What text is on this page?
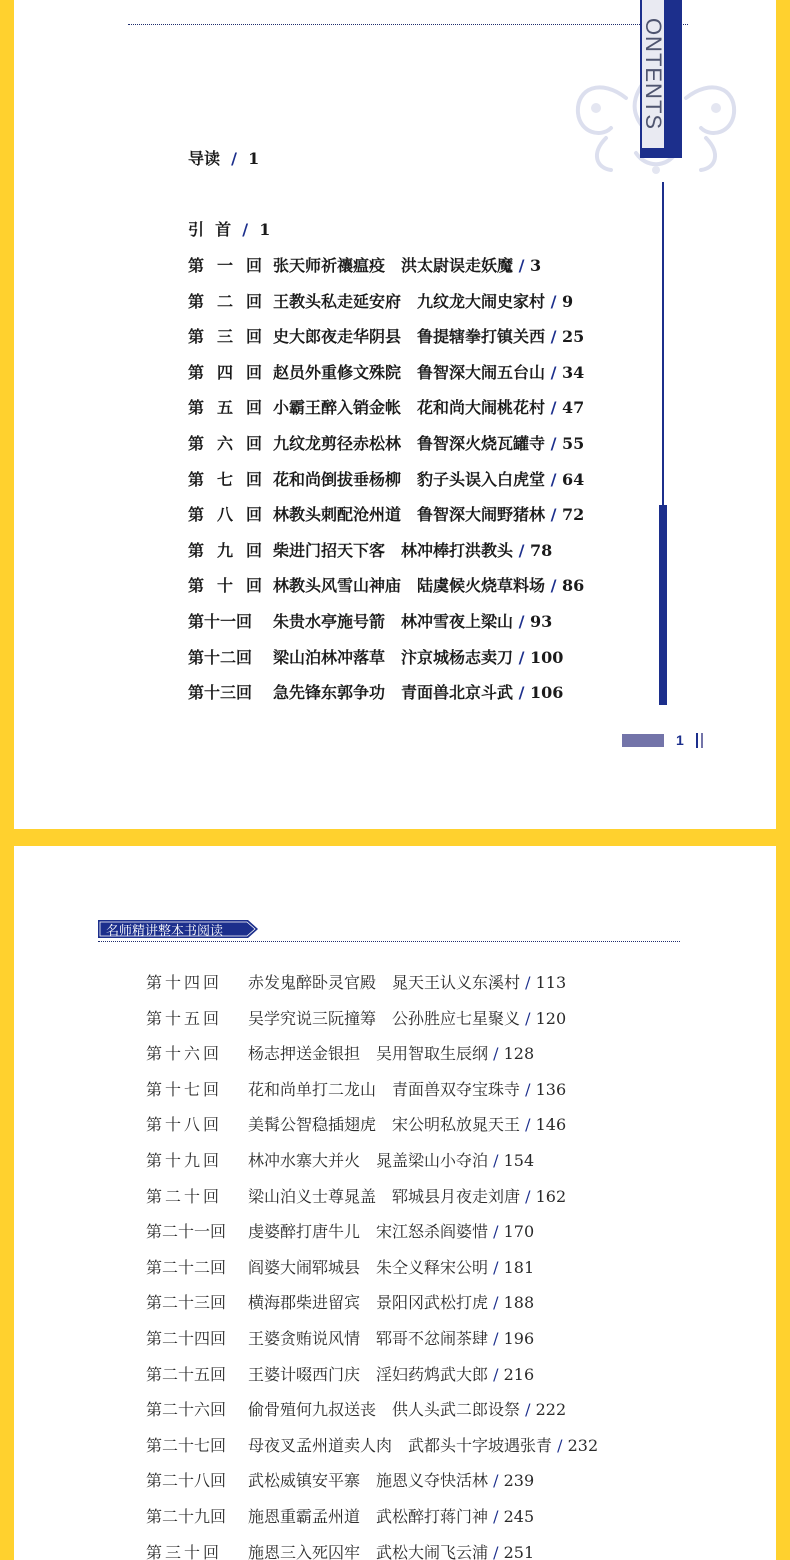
ONTENTS
导读  /  1
引  首  /  1
1
第 一 回 张天师祈禳瘟疫　洪太尉误走妖魔 / 3
第 二 回 王教头私走延安府　九纹龙大闹史家村 / 9
第 三 回 史大郎夜走华阴县　鲁提辖拳打镇关西 / 25
第 四 回 赵员外重修文殊院　鲁智深大闹五台山 / 34
第 五 回 小霸王醉入销金帐　花和尚大闹桃花村 / 47
第 六 回 九纹龙剪径赤松林　鲁智深火烧瓦罐寺 / 55
第 七 回 花和尚倒拔垂杨柳　豹子头误入白虎堂 / 64
第 八 回 林教头刺配沧州道　鲁智深大闹野猪林 / 72
第 九 回 柴进门招天下客　林冲棒打洪教头 / 78
第 十 回 林教头风雪山神庙　陆虞候火烧草料场 / 86
第十一回 朱贵水亭施号箭　林冲雪夜上梁山 / 93
第十二回 梁山泊林冲落草　汴京城杨志卖刀 / 100
第十三回 急先锋东郭争功　青面兽北京斗武 / 106
名师精讲整本书阅读
第 十 四 回 赤发鬼醉卧灵官殿　晁天王认义东溪村 / 113
第 十 五 回 吴学究说三阮撞筹　公孙胜应七星聚义 / 120
第 十 六 回 杨志押送金银担　吴用智取生辰纲 / 128
第 十 七 回 花和尚单打二龙山　青面兽双夺宝珠寺 / 136
第 十 八 回 美髯公智稳插翅虎　宋公明私放晁天王 / 146
第 十 九 回 林冲水寨大并火　晁盖梁山小夺泊 / 154
第 二 十 回 梁山泊义士尊晁盖　郓城县月夜走刘唐 / 162
第二十一回 虔婆醉打唐牛儿　宋江怒杀阎婆惜 / 170
第二十二回 阎婆大闹郓城县　朱仝义释宋公明 / 181
第二十三回 横海郡柴进留宾　景阳冈武松打虎 / 188
第二十四回 王婆贪贿说风情　郓哥不忿闹茶肆 / 196
第二十五回 王婆计啜西门庆　淫妇药鸩武大郎 / 216
第二十六回 偷骨殖何九叔送丧　供人头武二郎设祭 / 222
第二十七回 母夜叉孟州道卖人肉　武都头十字坡遇张青 / 232
第二十八回 武松威镇安平寨　施恩义夺快活林 / 239
第二十九回 施恩重霸孟州道　武松醉打蒋门神 / 245
第 三 十 回 施恩三入死囚牢　武松大闹飞云浦 / 251
